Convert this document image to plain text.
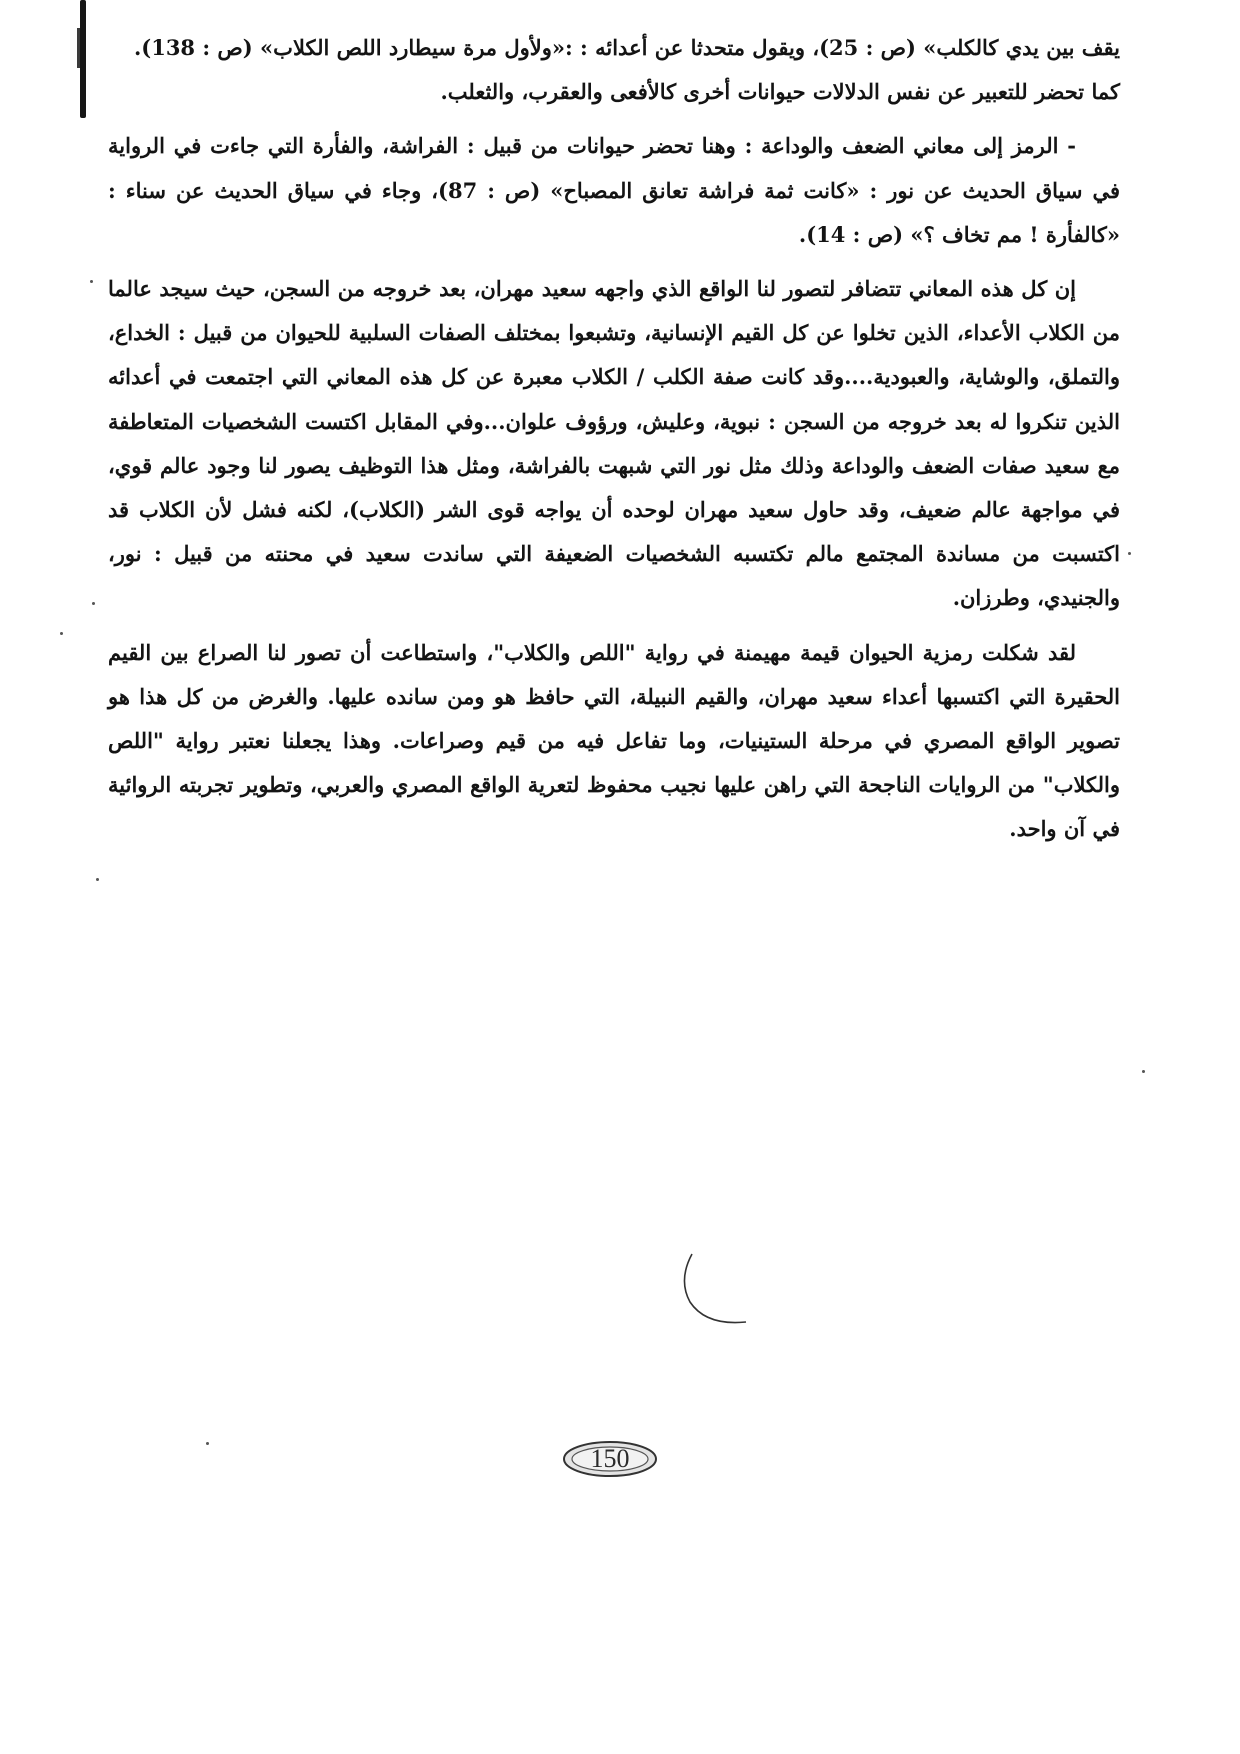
يقف بين يدي كالكلب» (ص : 25)، ويقول متحدثا عن أعدائه : :«ولأول مرة سيطارد اللص الكلاب» (ص : 138).
كما تحضر للتعبير عن نفس الدلالات حيوانات أخرى كالأفعى والعقرب، والثعلب.

- الرمز إلى معاني الضعف والوداعة : وهنا تحضر حيوانات من قبيل : الفراشة، والفأرة التي جاءت في الرواية في سياق الحديث عن نور : «كانت ثمة فراشة تعانق المصباح» (ص : 87)، وجاء في سياق الحديث عن سناء : «كالفأرة ! مم تخاف ؟» (ص : 14).

إن كل هذه المعاني تتضافر لتصور لنا الواقع الذي واجهه سعيد مهران، بعد خروجه من السجن، حيث سيجد عالما من الكلاب الأعداء، الذين تخلوا عن كل القيم الإنسانية، وتشبعوا بمختلف الصفات السلبية للحيوان من قبيل : الخداع، والتملق، والوشاية، والعبودية....وقد كانت صفة الكلب / الكلاب معبرة عن كل هذه المعاني التي اجتمعت في أعدائه الذين تنكروا له بعد خروجه من السجن : نبوية، وعليش، ورؤوف علوان...وفي المقابل اكتست الشخصيات المتعاطفة مع سعيد صفات الضعف والوداعة وذلك مثل نور التي شبهت بالفراشة، ومثل هذا التوظيف يصور لنا وجود عالم قوي، في مواجهة عالم ضعيف، وقد حاول سعيد مهران لوحده أن يواجه قوى الشر (الكلاب)، لكنه فشل لأن الكلاب قد اكتسبت من مساندة المجتمع مالم تكتسبه الشخصيات الضعيفة التي ساندت سعيد في محنته من قبيل : نور، والجنيدي، وطرزان.

لقد شكلت رمزية الحيوان قيمة مهيمنة في رواية "اللص والكلاب"، واستطاعت أن تصور لنا الصراع بين القيم الحقيرة التي اكتسبها أعداء سعيد مهران، والقيم النبيلة، التي حافظ هو ومن سانده عليها. والغرض من كل هذا هو تصوير الواقع المصري في مرحلة الستينيات، وما تفاعل فيه من قيم وصراعات. وهذا يجعلنا نعتبر رواية "اللص والكلاب" من الروايات الناجحة التي راهن عليها نجيب محفوظ لتعرية الواقع المصري والعربي، وتطوير تجربته الروائية في آن واحد.

150
